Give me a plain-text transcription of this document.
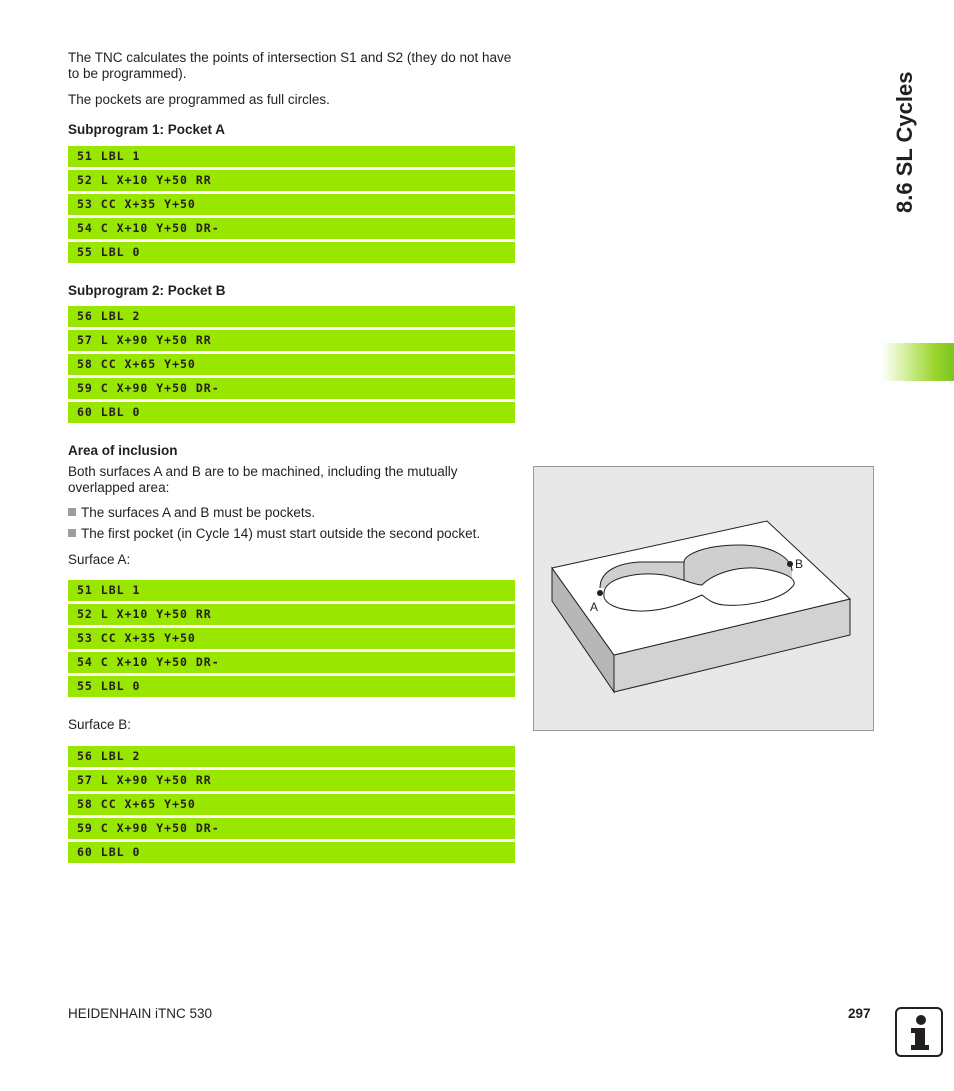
The TNC calculates the points of intersection S1 and S2 (they do not have to be programmed).

The pockets are programmed as full circles.

Subprogram 1: Pocket A
51 LBL 1
52 L X+10 Y+50 RR
53 CC X+35 Y+50
54 C X+10 Y+50 DR-
55 LBL 0
Subprogram 2: Pocket B
56 LBL 2
57 L X+90 Y+50 RR
58 CC X+65 Y+50
59 C X+90 Y+50 DR-
60 LBL 0
Area of inclusion

Both surfaces A and B are to be machined, including the mutually overlapped area:

The surfaces A and B must be pockets.
The first pocket (in Cycle 14) must start outside the second pocket.

Surface A:

51 LBL 1
52 L X+10 Y+50 RR
53 CC X+35 Y+50
54 C X+10 Y+50 DR-
55 LBL 0

Surface B:

56 LBL 2
57 L X+90 Y+50 RR
58 CC X+65 Y+50
59 C X+90 Y+50 DR-
60 LBL 0
A
B
8.6 SL Cycles
HEIDENHAIN iTNC 530	297
